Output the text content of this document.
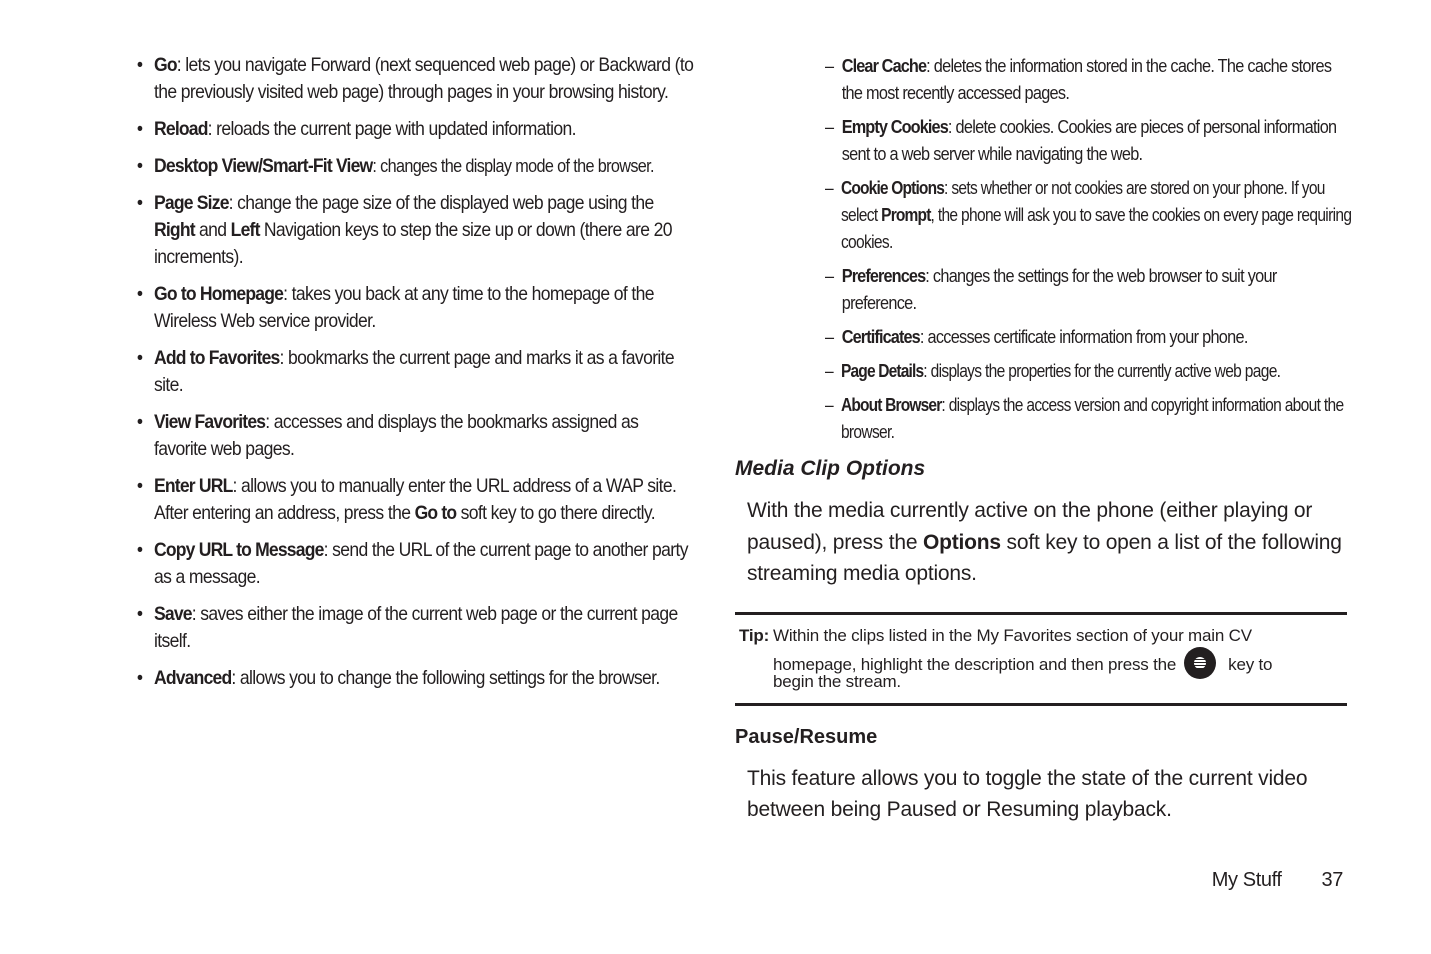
• Go: lets you navigate Forward (next sequenced web page) or Backward (to the previously visited web page) through pages in your browsing history.
• Reload: reloads the current page with updated information.
• Desktop View/Smart-Fit View: changes the display mode of the browser.
• Page Size: change the page size of the displayed web page using the Right and Left Navigation keys to step the size up or down (there are 20 increments).
• Go to Homepage: takes you back at any time to the homepage of the Wireless Web service provider.
• Add to Favorites: bookmarks the current page and marks it as a favorite site.
• View Favorites: accesses and displays the bookmarks assigned as favorite web pages.
• Enter URL: allows you to manually enter the URL address of a WAP site. After entering an address, press the Go to soft key to go there directly.
• Copy URL to Message: send the URL of the current page to another party as a message.
• Save: saves either the image of the current web page or the current page itself.
• Advanced: allows you to change the following settings for the browser.
– Clear Cache: deletes the information stored in the cache. The cache stores the most recently accessed pages.
– Empty Cookies: delete cookies. Cookies are pieces of personal information sent to a web server while navigating the web.
– Cookie Options: sets whether or not cookies are stored on your phone. If you select Prompt, the phone will ask you to save the cookies on every page requiring cookies.
– Preferences: changes the settings for the web browser to suit your preference.
– Certificates: accesses certificate information from your phone.
– Page Details: displays the properties for the currently active web page.
– About Browser: displays the access version and copyright information about the browser.
Media Clip Options
With the media currently active on the phone (either playing or paused), press the Options soft key to open a list of the following streaming media options.
Tip: Within the clips listed in the My Favorites section of your main CV
homepage, highlight the description and then press the	key to
begin the stream.
Pause/Resume
This feature allows you to toggle the state of the current video between being Paused or Resuming playback.
My Stuff 37
